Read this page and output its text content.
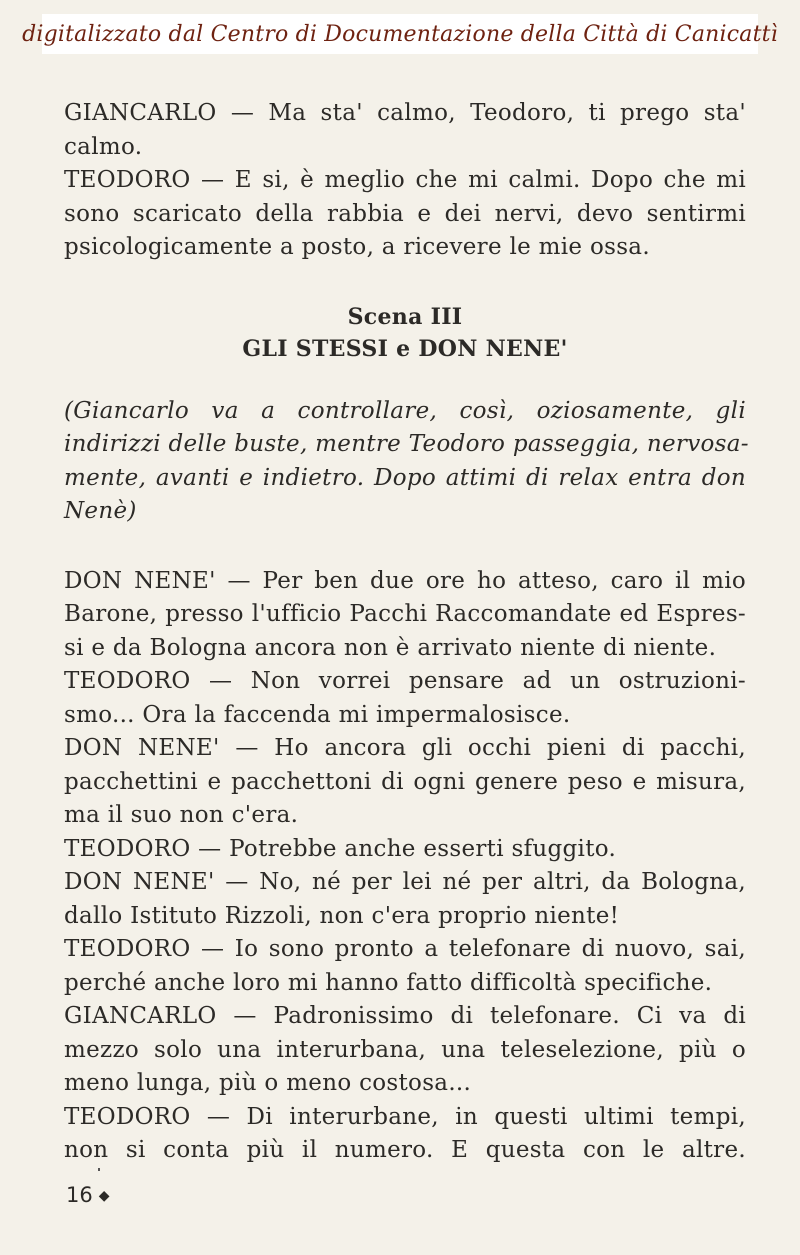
digitalizzato dal Centro di Documentazione della Città di Canicattì
GIANCARLO — Ma sta' calmo, Teodoro, ti prego sta'
calmo.
TEODORO — E si, è meglio che mi calmi. Dopo che mi
sono scaricato della rabbia e dei nervi, devo sentirmi
psicologicamente a posto, a ricevere le mie ossa.
Scena III
GLI STESSI e DON NENE'
(Giancarlo va a controllare, così, oziosamente, gli
indirizzi delle buste, mentre Teodoro passeggia, nervosa-
mente, avanti e indietro. Dopo attimi di relax entra don
Nenè)
DON NENE' — Per ben due ore ho atteso, caro il mio
Barone, presso l'ufficio Pacchi Raccomandate ed Espres-
si e da Bologna ancora non è arrivato niente di niente.
TEODORO — Non vorrei pensare ad un ostruzioni-
smo... Ora la faccenda mi impermalosisce.
DON NENE' — Ho ancora gli occhi pieni di pacchi,
pacchettini e pacchettoni di ogni genere peso e misura,
ma il suo non c'era.
TEODORO — Potrebbe anche esserti sfuggito.
DON NENE' — No, né per lei né per altri, da Bologna,
dallo Istituto Rizzoli, non c'era proprio niente!
TEODORO — Io sono pronto a telefonare di nuovo, sai,
perché anche loro mi hanno fatto difficoltà specifiche.
GIANCARLO — Padronissimo di telefonare. Ci va di
mezzo solo una interurbana, una teleselezione, più o
meno lunga, più o meno costosa...
TEODORO — Di interurbane, in questi ultimi tempi,
non si conta più il numero. E questa con le altre.
16 ◆
